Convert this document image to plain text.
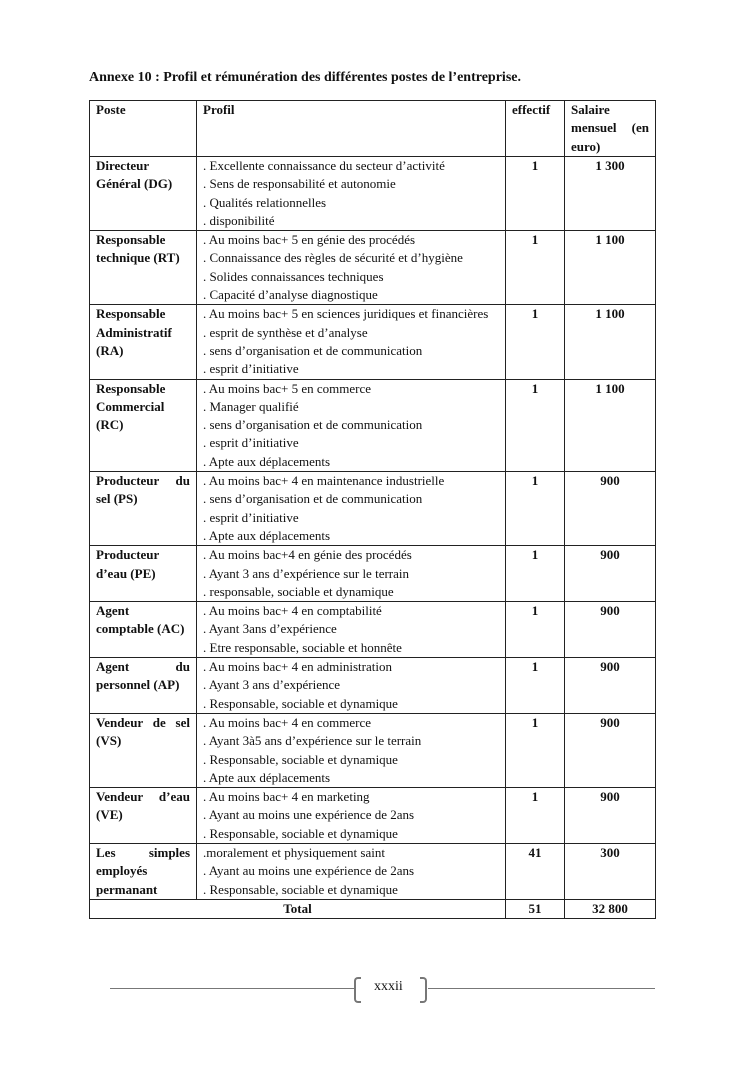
Annexe 10 : Profil et rémunération des différentes postes de l’entreprise.
Poste	Profil	effectif	Salaire mensuel (en euro)
Directeur Général (DG)	. Excellente connaissance du secteur d’activité
. Sens de responsabilité et autonomie
. Qualités relationnelles
. disponibilité	1	1 300
Responsable technique (RT)	. Au moins bac+ 5 en génie des procédés
. Connaissance des règles de sécurité et d’hygiène
. Solides connaissances techniques
. Capacité d’analyse diagnostique	1	1 100
Responsable Administratif (RA)	. Au moins bac+ 5 en sciences juridiques et financières
. esprit de synthèse et d’analyse
. sens d’organisation et de communication
. esprit d’initiative	1	1 100
Responsable Commercial (RC)	. Au moins bac+ 5 en commerce
. Manager qualifié
. sens d’organisation et de communication
. esprit d’initiative
. Apte aux déplacements	1	1 100
Producteur du sel (PS)	. Au moins bac+ 4 en maintenance industrielle
. sens d’organisation et de communication
. esprit d’initiative
. Apte aux déplacements	1	900
Producteur d’eau (PE)	. Au moins bac+4 en génie des procédés
. Ayant 3 ans d’expérience sur le terrain
. responsable, sociable et dynamique	1	900
Agent comptable (AC)	. Au moins bac+ 4 en comptabilité
. Ayant 3ans d’expérience
. Etre responsable, sociable et honnête	1	900
Agent du personnel (AP)	. Au moins bac+ 4 en administration
. Ayant 3 ans d’expérience
. Responsable, sociable et dynamique	1	900
Vendeur de sel (VS)	. Au moins bac+ 4 en commerce
. Ayant 3à5 ans d’expérience sur le terrain
. Responsable, sociable et dynamique
. Apte aux déplacements	1	900
Vendeur d’eau (VE)	. Au moins bac+ 4 en marketing
. Ayant au moins une expérience de 2ans
. Responsable, sociable et dynamique	1	900
Les simples employés permanant	.moralement et physiquement saint
. Ayant au moins une expérience de 2ans
. Responsable, sociable et dynamique	41	300
Total		51	32 800
xxxii
